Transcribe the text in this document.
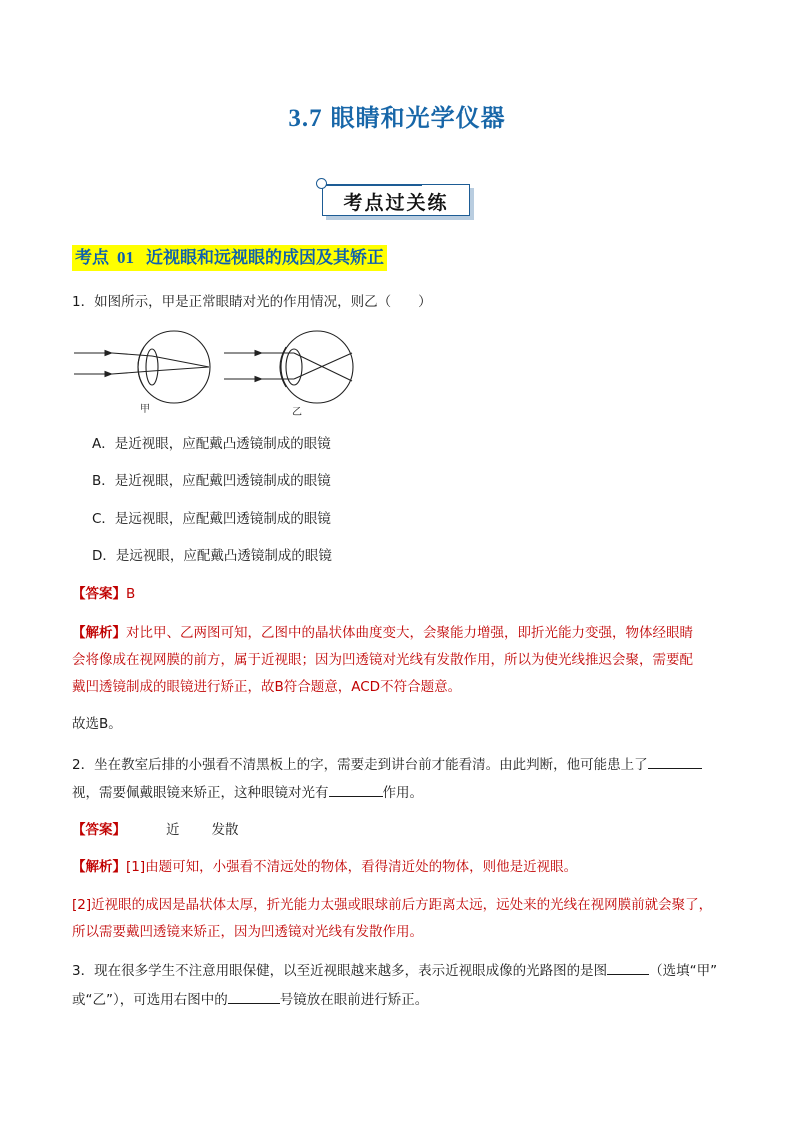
3.7 眼睛和光学仪器
考点过关练
考点 01 近视眼和远视眼的成因及其矫正
1．如图所示，甲是正常眼睛对光的作用情况，则乙（　　）
甲	乙
A．是近视眼，应配戴凸透镜制成的眼镜
B．是近视眼，应配戴凹透镜制成的眼镜
C．是远视眼，应配戴凹透镜制成的眼镜
D．是远视眼，应配戴凸透镜制成的眼镜
【答案】B
【解析】对比甲、乙两图可知，乙图中的晶状体曲度变大，会聚能力增强，即折光能力变强，物体经眼睛
会将像成在视网膜的前方，属于近视眼；因为凹透镜对光线有发散作用，所以为使光线推迟会聚，需要配
戴凹透镜制成的眼镜进行矫正，故B符合题意，ACD不符合题意。
故选B。
2．坐在教室后排的小强看不清黑板上的字，需要走到讲台前才能看清。由此判断，他可能患上了
视，需要佩戴眼镜来矫正，这种眼镜对光有	作用。
【答案】	近 发散
【解析】[1]由题可知，小强看不清远处的物体，看得清近处的物体，则他是近视眼。
[2]近视眼的成因是晶状体太厚，折光能力太强或眼球前后方距离太远，远处来的光线在视网膜前就会聚了，
所以需要戴凹透镜来矫正，因为凹透镜对光线有发散作用。
3．现在很多学生不注意用眼保健，以至近视眼越来越多，表示近视眼成像的光路图的是图	（选填“甲”
或“乙”），可选用右图中的	号镜放在眼前进行矫正。
